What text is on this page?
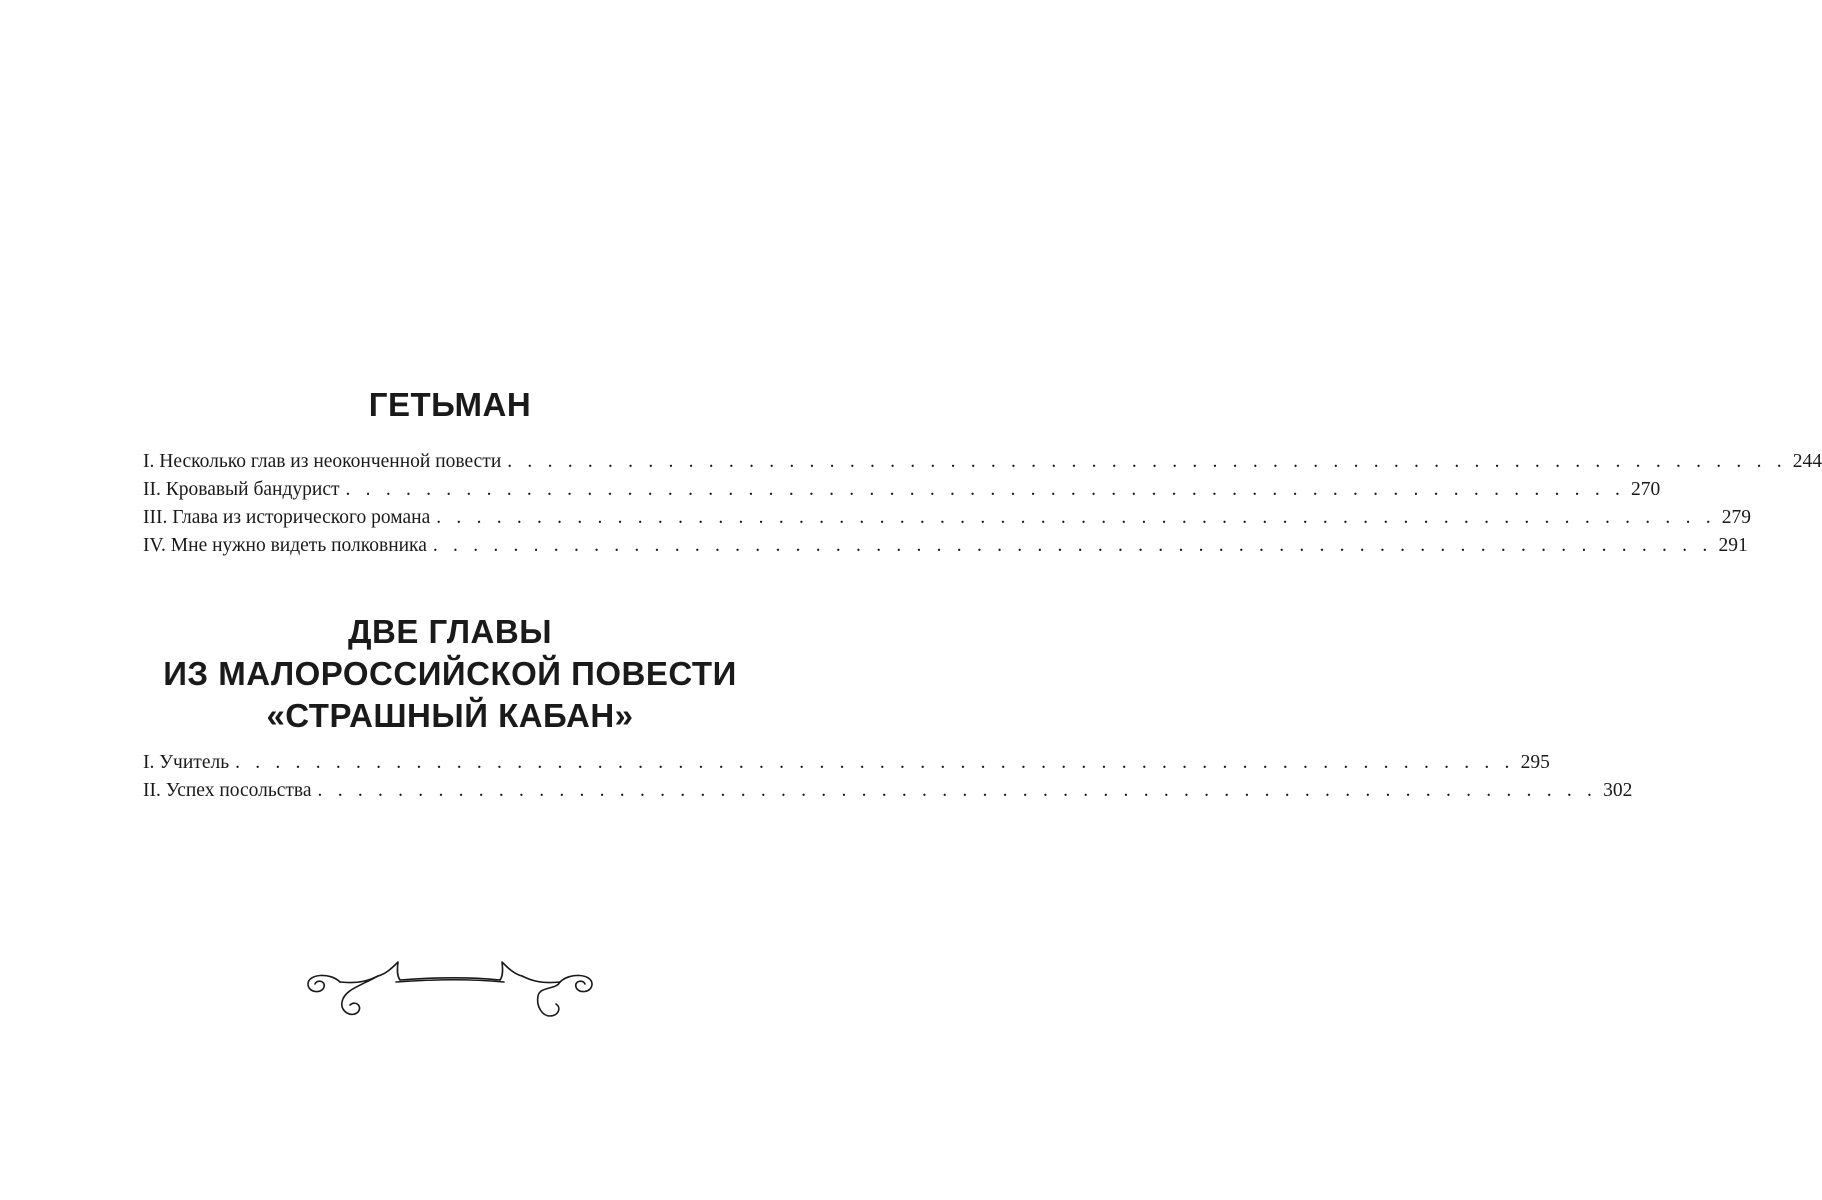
ГЕТЬМАН
I. Несколько глав из неоконченной повести . . . . . . . . . . . . . . . . . . . . . . . . . . . . . . . . . . . . . . . . . . . . . . . . . . . . . . . . . . . . . . . . 244
II. Кровавый бандурист . . . . . . . . . . . . . . . . . . . . . . . . . . . . . . . . . . . . . . . . . . . . . . . . . . . . . . . . . . . . . . . . 270
III. Глава из исторического романа . . . . . . . . . . . . . . . . . . . . . . . . . . . . . . . . . . . . . . . . . . . . . . . . . . . . . . . . . . . . . . . . 279
IV. Мне нужно видеть полковника . . . . . . . . . . . . . . . . . . . . . . . . . . . . . . . . . . . . . . . . . . . . . . . . . . . . . . . . . . . . . . . . 291
ДВЕ ГЛАВЫ
ИЗ МАЛОРОССИЙСКОЙ ПОВЕСТИ
«СТРАШНЫЙ КАБАН»
I. Учитель . . . . . . . . . . . . . . . . . . . . . . . . . . . . . . . . . . . . . . . . . . . . . . . . . . . . . . . . . . . . . . . . 295
II. Успех посольства . . . . . . . . . . . . . . . . . . . . . . . . . . . . . . . . . . . . . . . . . . . . . . . . . . . . . . . . . . . . . . . . 302
